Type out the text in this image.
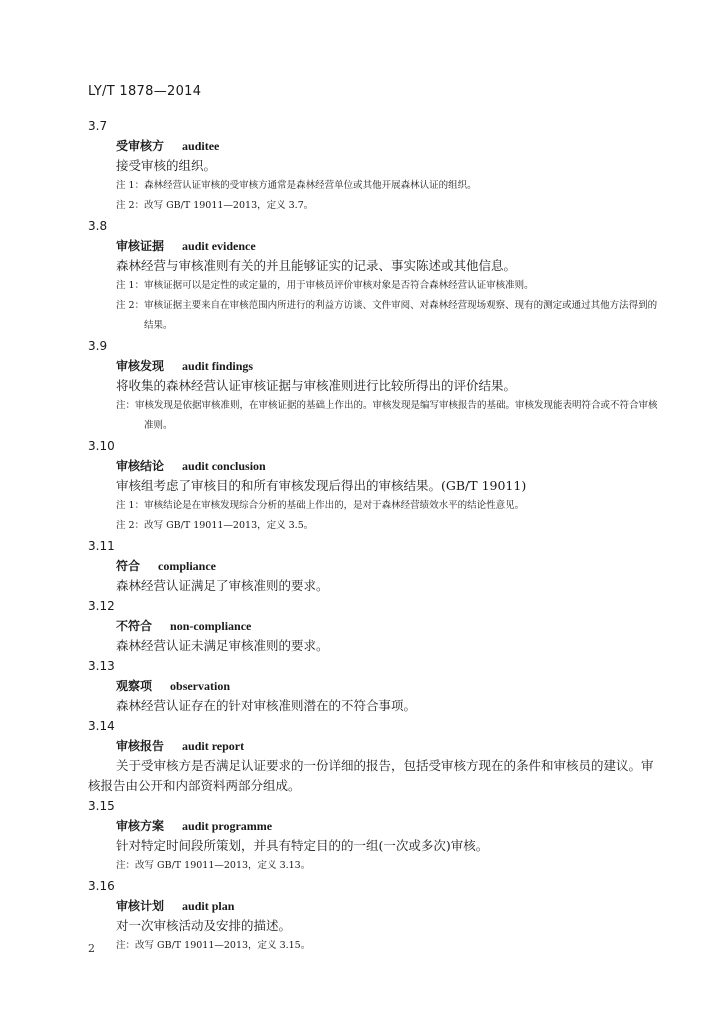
LY/T 1878—2014
3.7
受审核方 auditee
接受审核的组织。
注 1：森林经营认证审核的受审核方通常是森林经营单位或其他开展森林认证的组织。
注 2：改写 GB/T 19011—2013，定义 3.7。
3.8
审核证据 audit evidence
森林经营与审核准则有关的并且能够证实的记录、事实陈述或其他信息。
注 1：审核证据可以是定性的或定量的，用于审核员评价审核对象是否符合森林经营认证审核准则。
注 2：审核证据主要来自在审核范围内所进行的利益方访谈、文件审阅、对森林经营现场观察、现有的测定或通过其他方法得到的结果。
3.9
审核发现 audit findings
将收集的森林经营认证审核证据与审核准则进行比较所得出的评价结果。
注：审核发现是依据审核准则，在审核证据的基础上作出的。审核发现是编写审核报告的基础。审核发现能表明符合或不符合审核准则。
3.10
审核结论 audit conclusion
审核组考虑了审核目的和所有审核发现后得出的审核结果。(GB/T 19011)
注 1：审核结论是在审核发现综合分析的基础上作出的，是对于森林经营绩效水平的结论性意见。
注 2：改写 GB/T 19011—2013，定义 3.5。
3.11
符合 compliance
森林经营认证满足了审核准则的要求。
3.12
不符合 non-compliance
森林经营认证未满足审核准则的要求。
3.13
观察项 observation
森林经营认证存在的针对审核准则潜在的不符合事项。
3.14
审核报告 audit report
关于受审核方是否满足认证要求的一份详细的报告，包括受审核方现在的条件和审核员的建议。审核报告由公开和内部资料两部分组成。
3.15
审核方案 audit programme
针对特定时间段所策划，并具有特定目的的一组(一次或多次)审核。
注：改写 GB/T 19011—2013，定义 3.13。
3.16
审核计划 audit plan
对一次审核活动及安排的描述。
注：改写 GB/T 19011—2013，定义 3.15。
2
